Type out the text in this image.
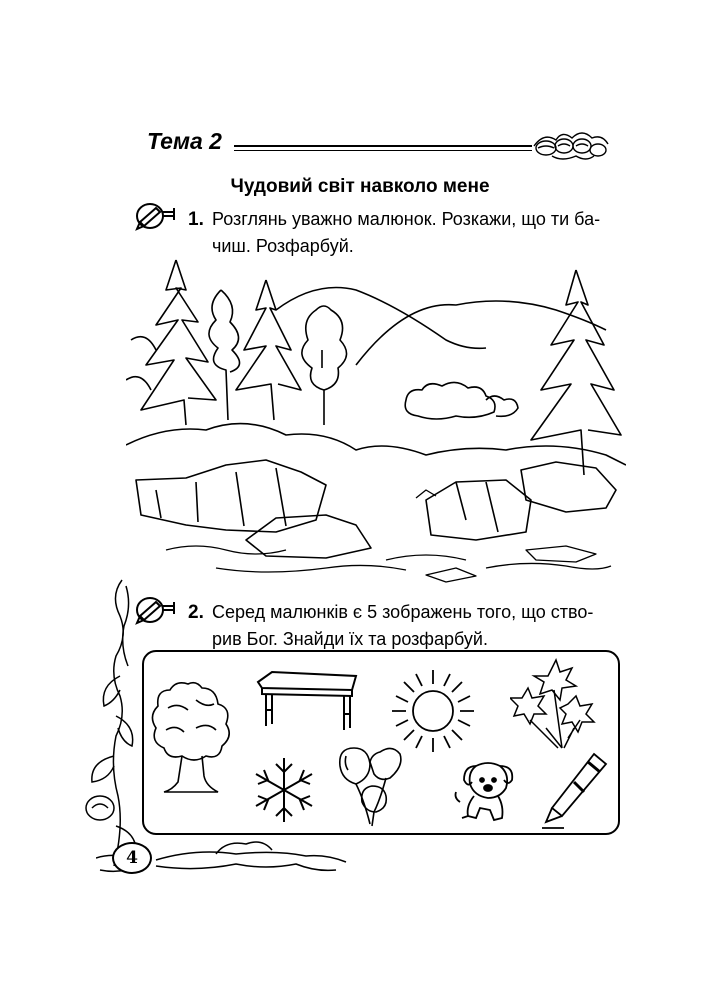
Тема 2
Чудовий світ навколо мене
1. Розглянь уважно малюнок. Розкажи, що ти ба-
чиш. Розфарбуй.
2. Серед малюнків є 5 зображень того, що ство-
рив Бог. Знайди їх та розфарбуй.
4
